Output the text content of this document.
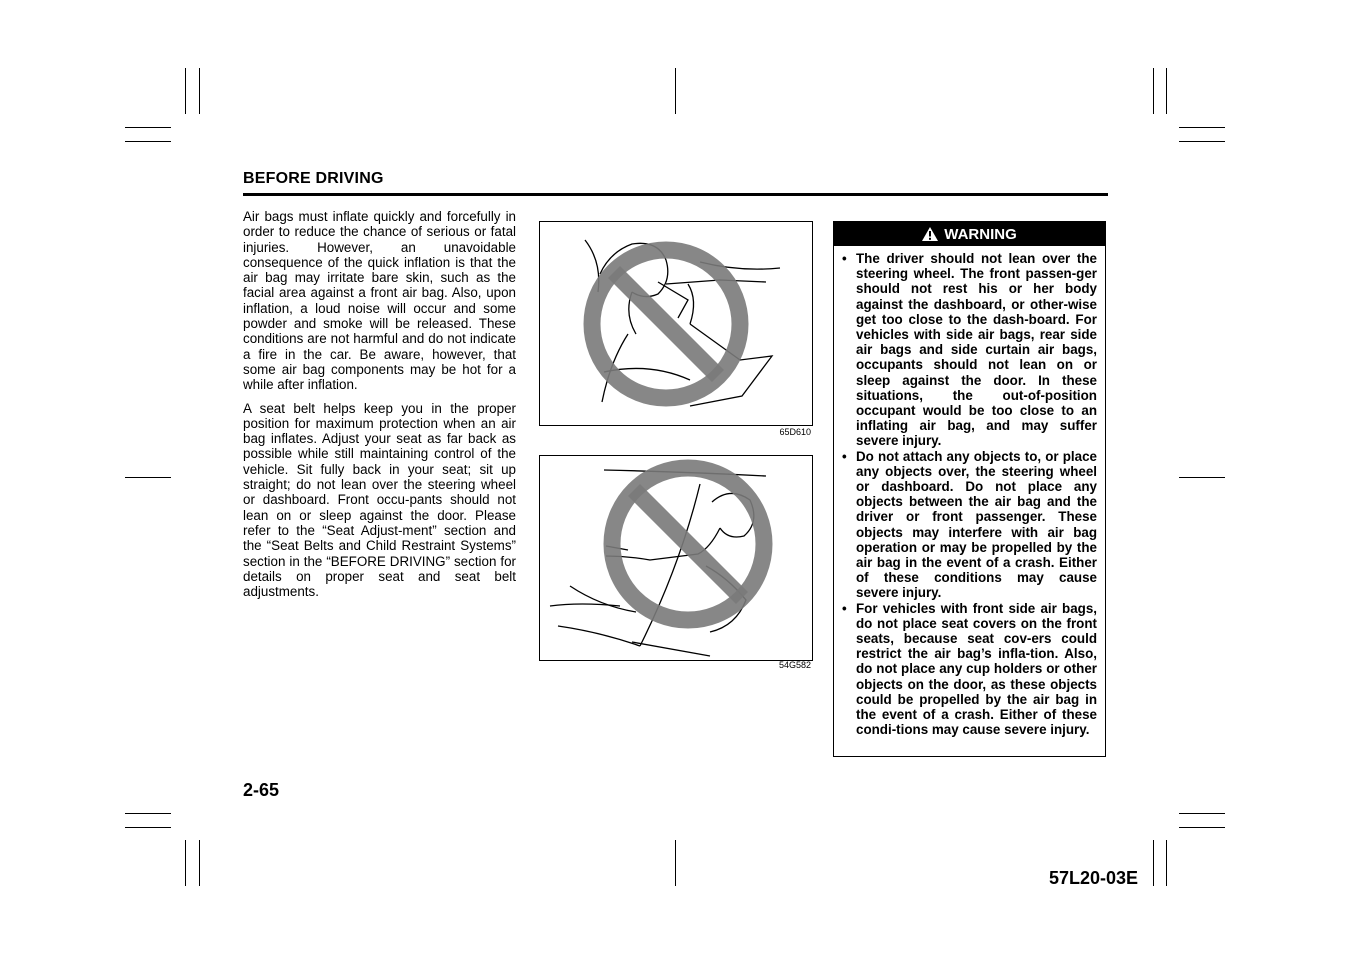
BEFORE DRIVING

Air bags must inflate quickly and forcefully in order to reduce the chance of serious or fatal injuries. However, an unavoidable consequence of the quick inflation is that the air bag may irritate bare skin, such as the facial area against a front air bag. Also, upon inflation, a loud noise will occur and some powder and smoke will be released. These conditions are not harmful and do not indicate a fire in the car. Be aware, however, that some air bag components may be hot for a while after inflation.

A seat belt helps keep you in the proper position for maximum protection when an air bag inflates. Adjust your seat as far back as possible while still maintaining control of the vehicle. Sit fully back in your seat; sit up straight; do not lean over the steering wheel or dashboard. Front occu-pants should not lean on or sleep against the door. Please refer to the “Seat Adjust-ment” section and the “Seat Belts and Child Restraint Systems” section in the “BEFORE DRIVING” section for details on proper seat and seat belt adjustments.

65D610
54G582
WARNING
• The driver should not lean over the steering wheel. The front passen-ger should not rest his or her body against the dashboard, or other-wise get too close to the dash-board. For vehicles with side air bags, rear side air bags and side curtain air bags, occupants should not lean on or sleep against the door. In these situations, the out-of-position occupant would be too close to an inflating air bag, and may suffer severe injury.
• Do not attach any objects to, or place any objects over, the steering wheel or dashboard. Do not place any objects between the air bag and the driver or front passenger. These objects may interfere with air bag operation or may be propelled by the air bag in the event of a crash. Either of these conditions may cause severe injury.
• For vehicles with front side air bags, do not place seat covers on the front seats, because seat cov-ers could restrict the air bag’s infla-tion. Also, do not place any cup holders or other objects on the door, as these objects could be propelled by the air bag in the event of a crash. Either of these condi-tions may cause severe injury.
2-65
57L20-03E
